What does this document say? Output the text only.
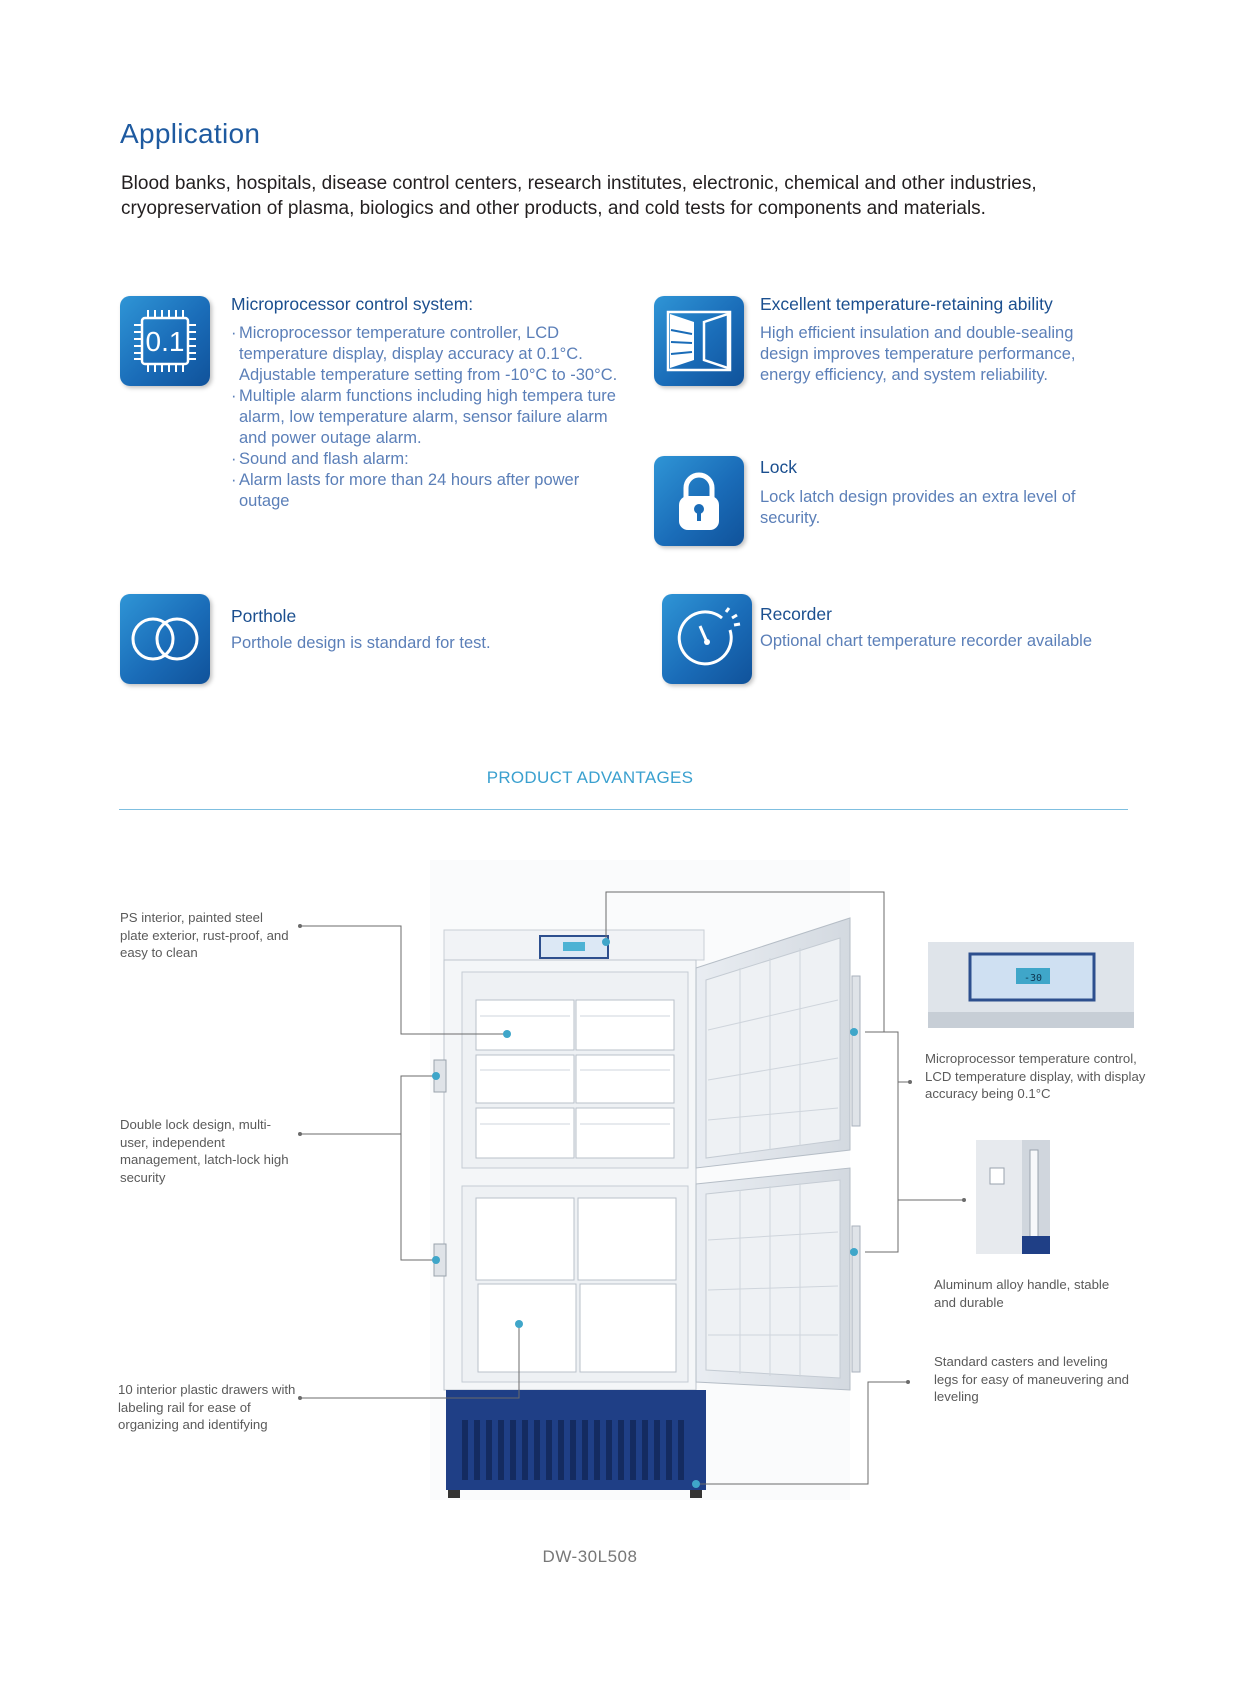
Application
Blood banks, hospitals, disease control centers, research institutes, electronic, chemical and other industries, cryopreservation of plasma, biologics and other products, and cold tests for components and materials.
0.1
Microprocessor control system:
· Microprocessor temperature controller, LCD temperature display, display accuracy at 0.1°C. Adjustable temperature setting from -10°C to -30°C.
· Multiple alarm functions including high tempera ture alarm, low temperature alarm, sensor failure alarm and power outage alarm.
· Sound and flash alarm:
· Alarm lasts for more than 24 hours after power outage
Excellent temperature-retaining ability
High efficient insulation and double-sealing design improves temperature performance, energy efficiency, and system reliability.
Lock
Lock latch design provides an extra level of security.
Porthole
Porthole design is standard for test.
Recorder
Optional chart temperature recorder available
PRODUCT ADVANTAGES
-30
PS interior, painted steel plate exterior, rust-proof, and easy to clean
Double lock design, multi-user, independent management, latch-lock high security
10 interior plastic drawers with labeling rail for ease of organizing and identifying
Microprocessor temperature control, LCD temperature display, with display accuracy being 0.1°C
Aluminum alloy handle, stable and durable
Standard casters and leveling legs for easy of maneuvering and leveling
DW-30L508
